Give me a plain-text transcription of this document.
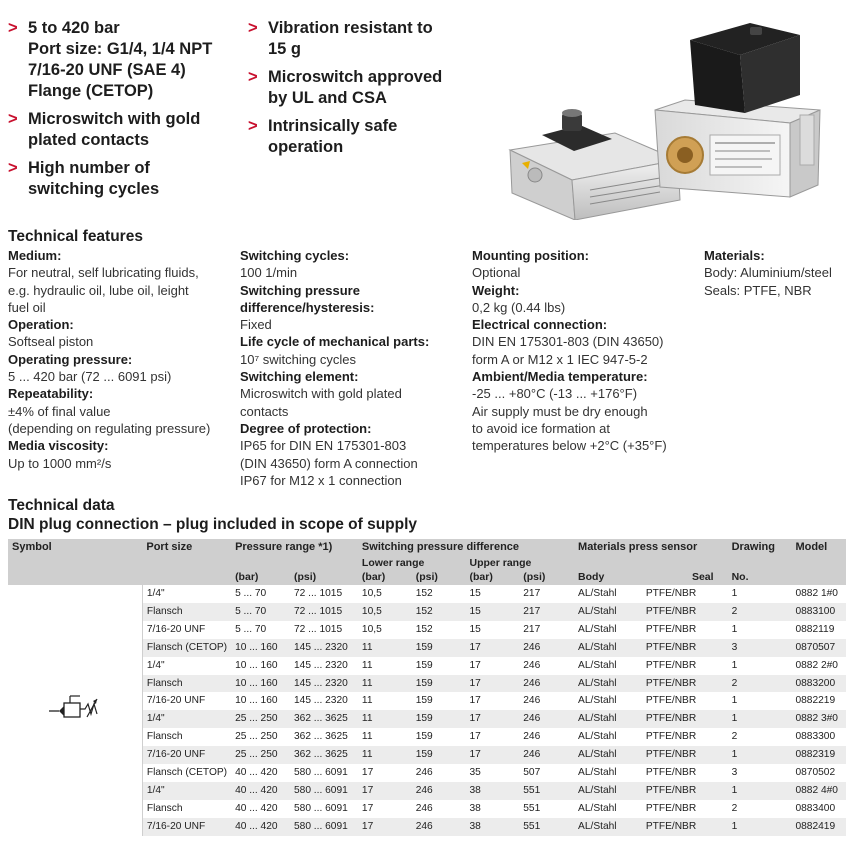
> 5 to 420 bar
Port size: G1/4, 1/4 NPT
7/16-20 UNF (SAE 4)
Flange (CETOP)
> Microswitch with gold
plated contacts
> High number of
switching cycles
> Vibration resistant to
15 g
> Microswitch approved
by UL and CSA
> Intrinsically safe
operation
Technical features
Medium:
For neutral, self lubricating fluids,
e.g. hydraulic oil, lube oil, leight
fuel oil
Operation:
Softseal piston
Operating pressure:
5 ... 420 bar (72 ... 6091 psi)
Repeatability:
±4% of final value
(depending on regulating pressure)
Media viscosity:
Up to 1000 mm²/s
Switching cycles:
100 1/min
Switching pressure difference/hysteresis:
Fixed
Life cycle of mechanical parts:
10⁷ switching cycles
Switching element:
Microswitch with gold plated
contacts
Degree of protection:
IP65 for DIN EN 175301-803
(DIN 43650) form A connection
IP67 for M12 x 1 connection
Mounting position:
Optional
Weight:
0,2 kg (0.44 lbs)
Electrical connection:
DIN EN 175301-803 (DIN 43650)
form A or M12 x 1 IEC 947-5-2
Ambient/Media temperature:
-25 ... +80°C (-13 ... +176°F)
Air supply must be dry enough
to avoid ice formation at
temperatures below +2°C (+35°F)
Materials:
Body: Aluminium/steel
Seals: PTFE, NBR
Technical data
DIN plug connection – plug included in scope of supply
Symbol	Port size	Pressure range *1)		Switching pressure difference				Materials press sensor		Drawing	Model
				Lower range		Upper range					
		(bar)	(psi)	(bar)	(psi)	(bar)	(psi)	Body	Seal	No.	
	1/4"	5 ... 70	72 ... 1015	10,5	152	15	217	AL/Stahl	PTFE/NBR	1	0882 1#0
	Flansch	5 ... 70	72 ... 1015	10,5	152	15	217	AL/Stahl	PTFE/NBR	2	0883100
	7/16-20 UNF	5 ... 70	72 ... 1015	10,5	152	15	217	AL/Stahl	PTFE/NBR	1	0882119
	Flansch (CETOP)	10 ... 160	145 ... 2320	11	159	17	246	AL/Stahl	PTFE/NBR	3	0870507
	1/4"	10 ... 160	145 ... 2320	11	159	17	246	AL/Stahl	PTFE/NBR	1	0882 2#0
	Flansch	10 ... 160	145 ... 2320	11	159	17	246	AL/Stahl	PTFE/NBR	2	0883200
	7/16-20 UNF	10 ... 160	145 ... 2320	11	159	17	246	AL/Stahl	PTFE/NBR	1	0882219
	1/4"	25 ... 250	362 ... 3625	11	159	17	246	AL/Stahl	PTFE/NBR	1	0882 3#0
	Flansch	25 ... 250	362 ... 3625	11	159	17	246	AL/Stahl	PTFE/NBR	2	0883300
	7/16-20 UNF	25 ... 250	362 ... 3625	11	159	17	246	AL/Stahl	PTFE/NBR	1	0882319
	Flansch (CETOP)	40 ... 420	580 ... 6091	17	246	35	507	AL/Stahl	PTFE/NBR	3	0870502
	1/4"	40 ... 420	580 ... 6091	17	246	38	551	AL/Stahl	PTFE/NBR	1	0882 4#0
	Flansch	40 ... 420	580 ... 6091	17	246	38	551	AL/Stahl	PTFE/NBR	2	0883400
	7/16-20 UNF	40 ... 420	580 ... 6091	17	246	38	551	AL/Stahl	PTFE/NBR	1	0882419
